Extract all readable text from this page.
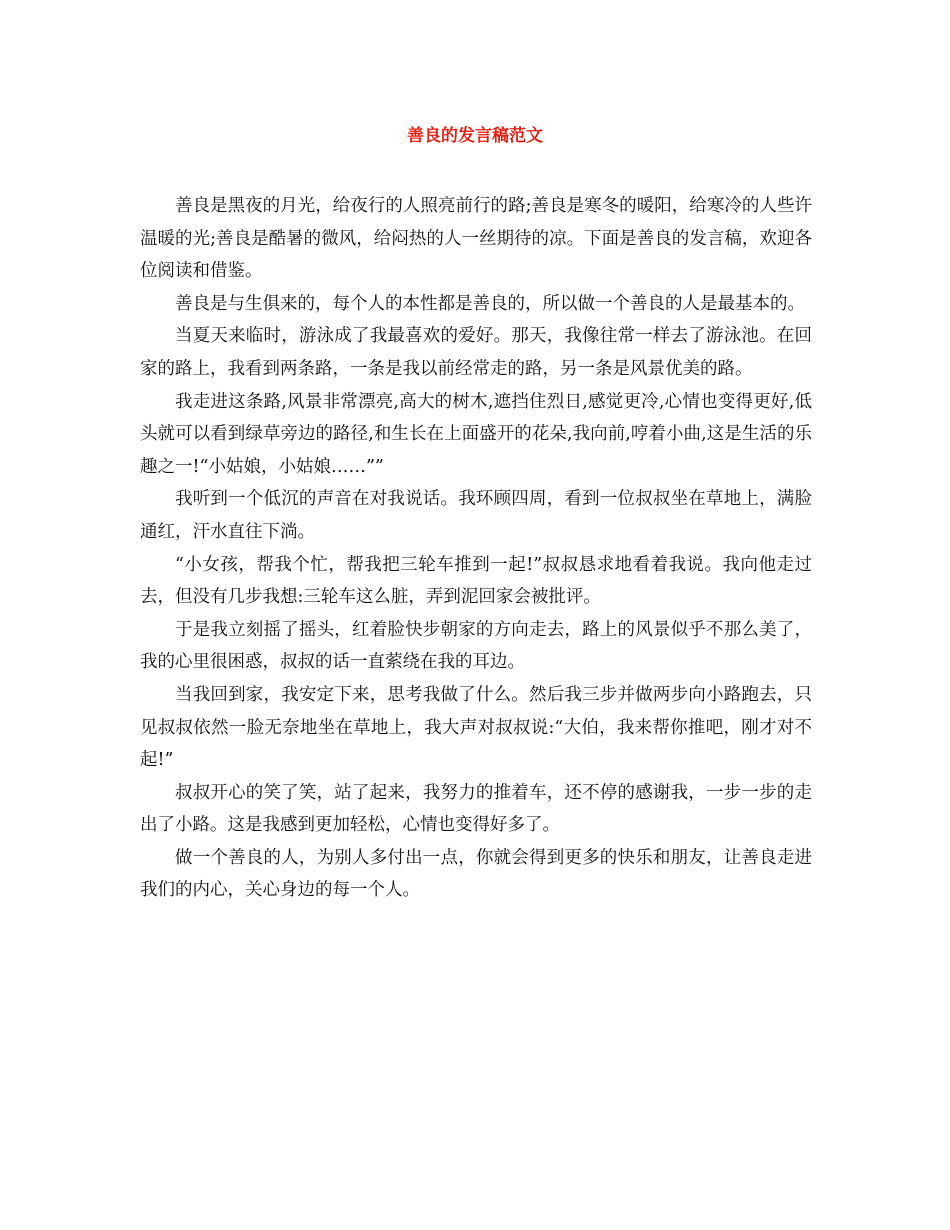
善良的发言稿范文

善良是黑夜的月光，给夜行的人照亮前行的路;善良是寒冬的暖阳，给寒冷的人些许温暖的光;善良是酷暑的微风，给闷热的人一丝期待的凉。下面是善良的发言稿，欢迎各位阅读和借鉴。

善良是与生俱来的，每个人的本性都是善良的，所以做一个善良的人是最基本的。

当夏天来临时，游泳成了我最喜欢的爱好。那天，我像往常一样去了游泳池。在回家的路上，我看到两条路，一条是我以前经常走的路，另一条是风景优美的路。

我走进这条路,风景非常漂亮,高大的树木,遮挡住烈日,感觉更冷,心情也变得更好,低头就可以看到绿草旁边的路径,和生长在上面盛开的花朵,我向前,哼着小曲,这是生活的乐趣之一!“小姑娘，小姑娘……””

我听到一个低沉的声音在对我说话。我环顾四周，看到一位叔叔坐在草地上，满脸通红，汗水直往下淌。

“小女孩，帮我个忙，帮我把三轮车推到一起!”叔叔恳求地看着我说。我向他走过去，但没有几步我想:三轮车这么脏，弄到泥回家会被批评。

于是我立刻摇了摇头，红着脸快步朝家的方向走去，路上的风景似乎不那么美了，我的心里很困惑，叔叔的话一直萦绕在我的耳边。

当我回到家，我安定下来，思考我做了什么。然后我三步并做两步向小路跑去，只见叔叔依然一脸无奈地坐在草地上，我大声对叔叔说:“大伯，我来帮你推吧，刚才对不起!”

叔叔开心的笑了笑，站了起来，我努力的推着车，还不停的感谢我，一步一步的走出了小路。这是我感到更加轻松，心情也变得好多了。

做一个善良的人，为别人多付出一点，你就会得到更多的快乐和朋友，让善良走进我们的内心，关心身边的每一个人。
